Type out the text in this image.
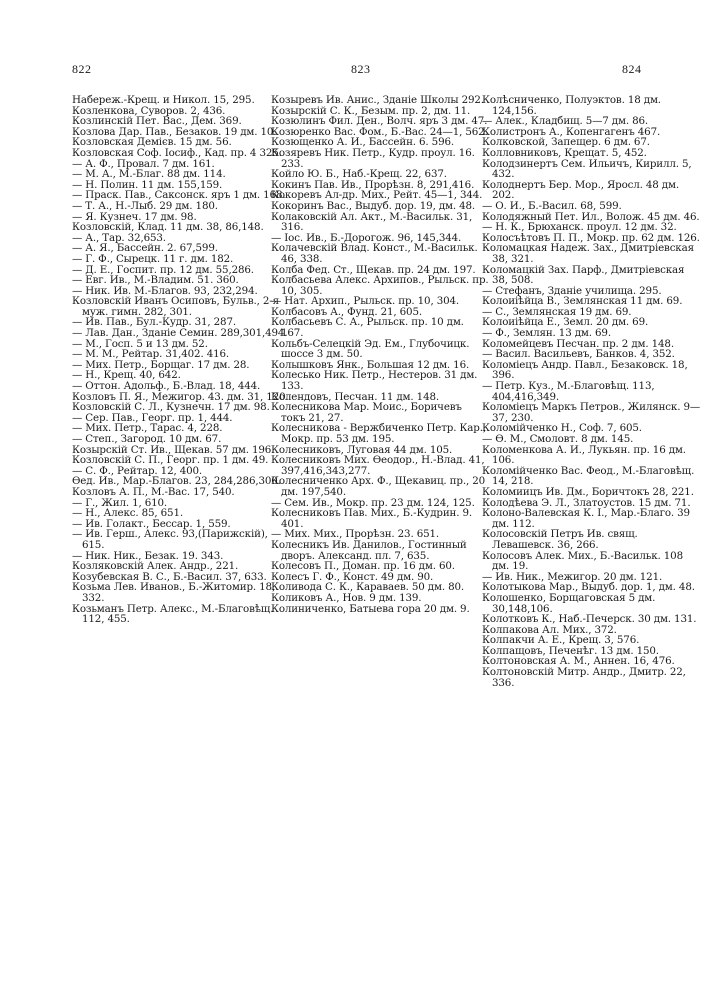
822	823	824

Набереж.-Крещ. и Никол. 15, 295.

Козленкова, Суворов. 2, 436.

Козлинскій Пет. Вас., Дем. 369.

Козлова Дар. Пав., Безаков. 19 дм. 10.

Козловская Демієв. 15 дм. 56.

Козловская Соф. Іосиф., Кад. пр. 4 325.

— А. Ф., Провал. 7 дм. 161.

— М. А., М.-Благ. 88 дм. 114.

— Н. Полин. 11 дм. 155,159.

— Праск. Пав., Саксонск. яръ 1 дм. 168.

— Т. А., Н.-Лыб. 29 дм. 180.

— Я. Кузнеч. 17 дм. 98.

Козловскій, Клад. 11 дм. 38, 86,148.

— А., Тар. 32,653.

— А. Я., Бассейн. 2. 67,599.

— Г. Ф., Сырецк. 11 г. дм. 182.

— Д. Е., Госпит. пр. 12 дм. 55,286.

— Евг. Ив., М.-Владим. 51. 360.

— Ник. Ив. М.-Благов. 93, 232,294.

Козловскій Иванъ Осиповъ, Бульв., 2-я муж. гимн. 282, 301.

— Ив. Пав., Бул.-Кудр. 31, 287.

— Лав. Дан., Зданіе Семин. 289,301,494.

— М., Госп. 5 и 13 дм. 52.

— М. М., Рейтар. 31,402. 416.

— Мих. Петр., Борщаг. 17 дм. 28.

— Н., Крещ. 40, 642.

— Оттон. Адольф., Б.-Влад. 18, 444.

Козловъ П. Я., Межигор. 43. дм. 31, 120.

Козловскій С. Л., Кузнечн. 17 дм. 98.

— Сер. Пав., Георг. пр. 1, 444.

— Мих. Петр., Тарас. 4, 228.

— Степ., Загород. 10 дм. 67.

Козырскій Ст. Ив., Щекав. 57 дм. 196.

Козловскій С. П., Георг. пр. 1 дм. 49.

— С. Ф., Рейтар. 12, 400.

Өед. Ив., Мар.-Благов. 23, 284,286,300.

Козловъ А. П., М.-Вас. 17, 540.

— Г., Жил. 1, 610.

— Н., Алекс. 85, 651.

— Ив. Голакт., Бессар. 1, 559.

— Ив. Герш., Алекс. 93,(Парижскій), 615.

— Ник. Ник., Безак. 19. 343.

Козляковскій Алек. Андр., 221.

Козубевская В. С., Б.-Васил. 37, 633.

Козьма Лев. Иванов., Б.-Житомир. 18, 332.

Козьманъ Петр. Алекс., М.-Благовѣщ. 112, 455.

Козыревъ Ив. Анис., Зданіе Школы 292.

Козырскій С. К., Безым. пр. 2, дм. 11.

Козюлинъ Фил. Ден., Волч. яръ 3 дм. 47.

Козюренко Вас. Фом., Б.-Вас. 24—1, 562.

Козющенко А. И., Бассейн. 6. 596.

Козяревъ Ник. Петр., Кудр. проул. 16. 233.

Койло Ю. Б., Наб.-Крещ. 22, 637.

Кокинъ Пав. Ив., Прорѣзн. 8, 291,416.

Кокоревъ Ал-др. Мих., Рейт. 45—1, 344.

Кокоринъ Вас., Выдуб. дор. 19, дм. 48.

Колаковскій Ал. Акт., М.-Васильк. 31, 316.

— Іос. Ив., Б.-Дорогож. 96, 145,344.

Колачевскій Влад. Конст., М.-Васильк. 46, 338.

Колба Фед. Ст., Щекав. пр. 24 дм. 197.

Колбасьева Алекс. Архипов., Рыльск. пр. 10, 305.

— Нат. Архип., Рыльск. пр. 10, 304.

Колбасовъ А., Фунд. 21, 605.

Колбасьевъ С. А., Рыльск. пр. 10 дм. 167.

Кольбъ-Селецкій Эд. Ем., Глубочицк. шоссе 3 дм. 50.

Колышковъ Янк., Большая 12 дм. 16.

Колесько Ник. Петр., Нестеров. 31 дм. 133.

Колендовъ, Песчан. 11 дм. 148.

Колесникова Мар. Моис., Боричевъ токъ 21, 27.

Колесникова - Вержбиченко Петр. Кар., Мокр. пр. 53 дм. 195.

Колесниковъ, Луговая 44 дм. 105.

Колесниковъ Мих. Өеодор., Н.-Влад. 41, 397,416,343,277.

Колесниченко Арх. Ф., Щекавиц. пр., 20 дм. 197,540.

— Сем. Ив., Мокр. пр. 23 дм. 124, 125.

Колесниковъ Пав. Мих., Б.-Кудрин. 9. 401.

— Мих. Мих., Прорѣзн. 23. 651.

Колесникъ Ив. Данилов., Гостинный дворъ. Александ. пл. 7, 635.

Колесовъ П., Доман. пр. 16 дм. 60.

Колесъ Г. Ф., Конст. 49 дм. 90.

Коливода С. К., Караваев. 50 дм. 80.

Коликовъ А., Нов. 9 дм. 139.

Колиниченко, Батыева гора 20 дм. 9.

Колѣсниченко, Полуэктов. 18 дм. 124,156.

— Алек., Кладбищ. 5—7 дм. 86.

Колистронъ А., Копенгагенъ 467.

Колковской, Запещер. 6 дм. 67.

Колловниковъ, Крещат. 5, 452.

Колодзинертъ Сем. Ильичъ, Кирилл. 5, 432.

Колоднертъ Бер. Мор., Яросл. 48 дм. 202.

— О. И., Б.-Васил. 68, 599.

Колодяжный Пет. Ил., Волож. 45 дм. 46.

— Н. К., Брюханск. проул. 12 дм. 32.

Колосъѣтовъ П. П., Мокр. пр. 62 дм. 126.

Коломацкая Надеж. Зах., Дмитріевская 38, 321.

Коломацкій Зах. Парф., Дмитріевская 38, 508.

— Стефанъ, Зданіе училища. 295.

Колоиіѣйца В., Землянская 11 дм. 69.

— С., Землянская 19 дм. 69.

Колоиіѣйца Е., Земл. 20 дм. 69.

— Ф., Землян. 13 дм. 69.

Коломейцевъ Песчан. пр. 2 дм. 148.

— Васил. Васильевъ, Банков. 4, 352.

Коломіецъ Андр. Павл., Безаковск. 18, 396.

— Петр. Куз., М.-Благовѣщ. 113, 404,416,349.

Коломіецъ Маркъ Петров., Жилянск. 9—37, 230.

Коломійченко Н., Соф. 7, 605.

— Ө. М., Смоловт. 8 дм. 145.

Коломенкова А. И., Лукьян. пр. 16 дм. 106.

Коломійченко Вас. Феод., М.-Благовѣщ. 14, 218.

Коломиицъ Ив. Дм., Боричтокъ 28, 221.

Колодѣева Э. Л., Златоустов. 15 дм. 71.

Колоно-Валевская К. І., Мар.-Благо. 39 дм. 112.

Колосовскій Петръ Ив. свящ. Левашевск. 36, 266.

Колосовъ Алек. Мих., Б.-Васильк. 108 дм. 19.

— Ив. Ник., Межигор. 20 дм. 121.

Колотыкова Мар., Выдуб. дор. 1, дм. 48.

Колошенко, Борщаговская 5 дм. 30,148,106.

Колотковъ К., Наб.-Печерск. 30 дм. 131.

Колпакова Ал. Мих., 372.

Колпакчи А. Е., Крещ. 3, 576.

Колпащовъ, Печенѣг. 13 дм. 150.

Колтоновская А. М., Аннен. 16, 476.

Колтоновскій Митр. Андр., Дмитр. 22, 336.
